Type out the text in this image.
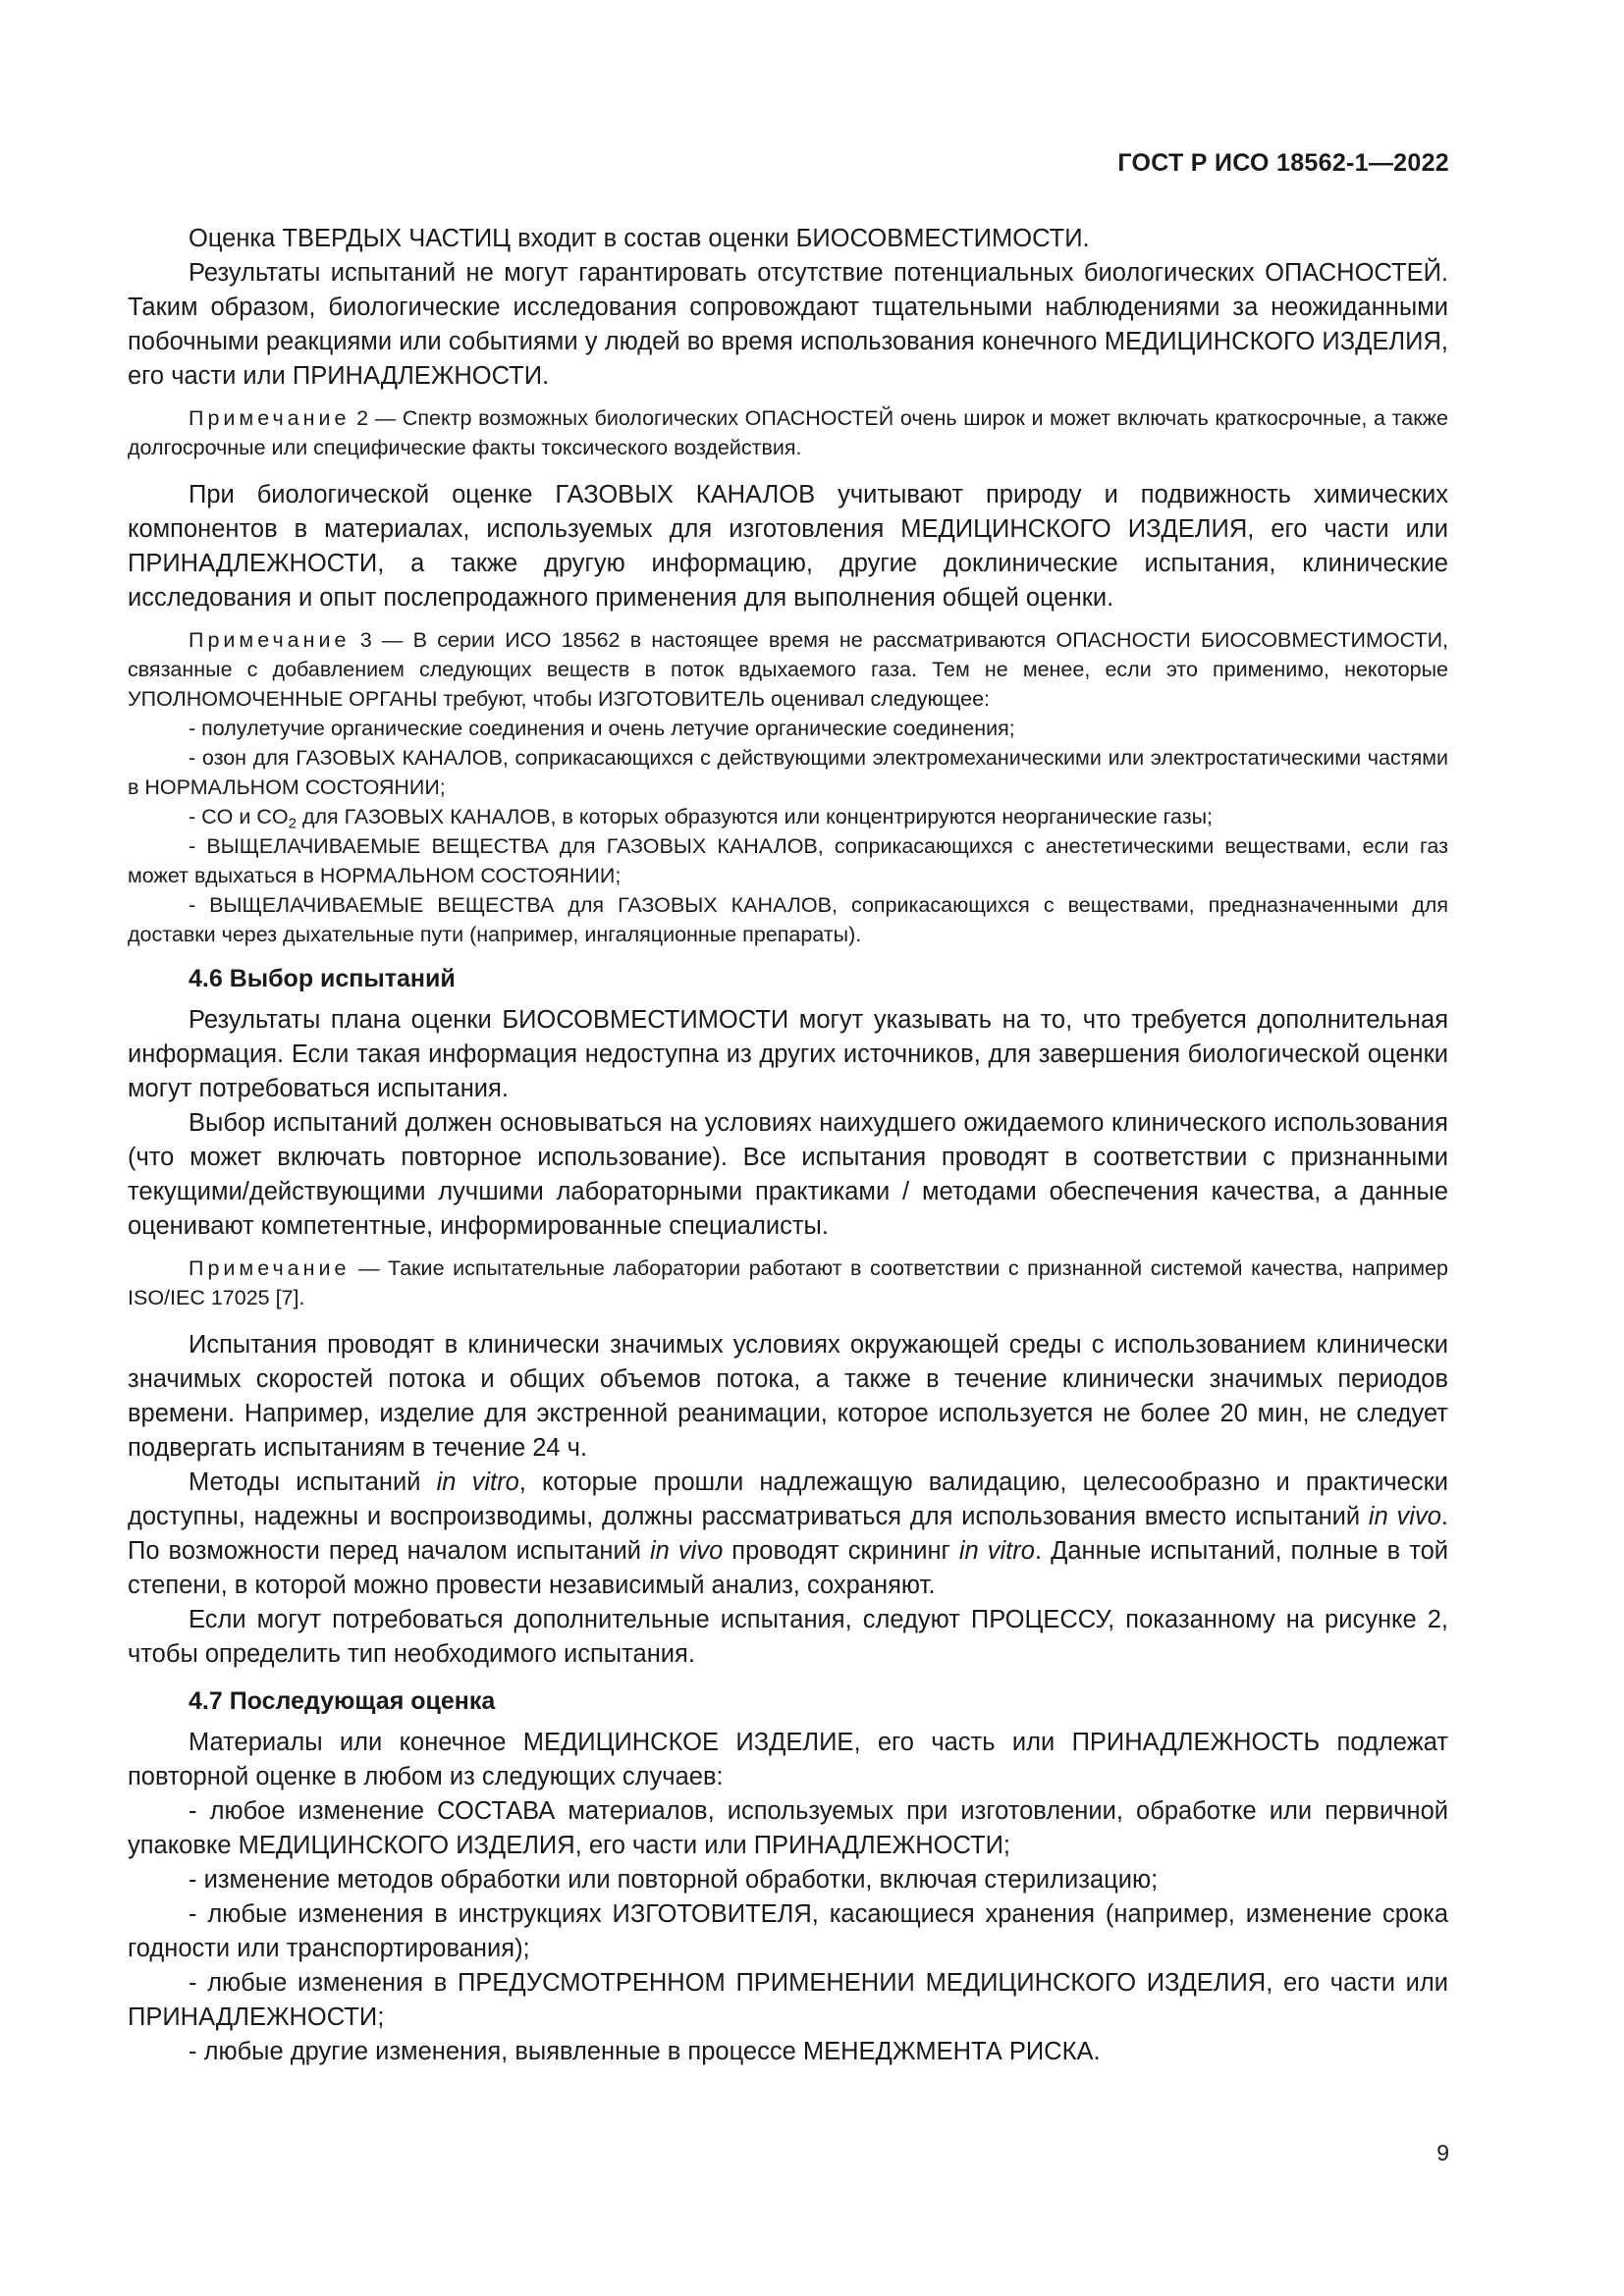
ГОСТ Р ИСО 18562-1—2022

Оценка ТВЕРДЫХ ЧАСТИЦ входит в состав оценки БИОСОВМЕСТИМОСТИ.

Результаты испытаний не могут гарантировать отсутствие потенциальных биологических ОПАСНОСТЕЙ. Таким образом, биологические исследования сопровождают тщательными наблюдениями за неожиданными побочными реакциями или событиями у людей во время использования конечного МЕДИЦИНСКОГО ИЗДЕЛИЯ, его части или ПРИНАДЛЕЖНОСТИ.

Примечание 2 — Спектр возможных биологических ОПАСНОСТЕЙ очень широк и может включать краткосрочные, а также долгосрочные или специфические факты токсического воздействия.

При биологической оценке ГАЗОВЫХ КАНАЛОВ учитывают природу и подвижность химических компонентов в материалах, используемых для изготовления МЕДИЦИНСКОГО ИЗДЕЛИЯ, его части или ПРИНАДЛЕЖНОСТИ, а также другую информацию, другие доклинические испытания, клинические исследования и опыт послепродажного применения для выполнения общей оценки.

Примечание 3 — В серии ИСО 18562 в настоящее время не рассматриваются ОПАСНОСТИ БИОСОВМЕСТИМОСТИ, связанные с добавлением следующих веществ в поток вдыхаемого газа. Тем не менее, если это применимо, некоторые УПОЛНОМОЧЕННЫЕ ОРГАНЫ требуют, чтобы ИЗГОТОВИТЕЛЬ оценивал следующее:

- полулетучие органические соединения и очень летучие органические соединения;

- озон для ГАЗОВЫХ КАНАЛОВ, соприкасающихся с действующими электромеханическими или электростатическими частями в НОРМАЛЬНОМ СОСТОЯНИИ;

- CO и $CO_2$ для ГАЗОВЫХ КАНАЛОВ, в которых образуются или концентрируются неорганические газы;

- ВЫЩЕЛАЧИВАЕМЫЕ ВЕЩЕСТВА для ГАЗОВЫХ КАНАЛОВ, соприкасающихся с анестетическими веществами, если газ может вдыхаться в НОРМАЛЬНОМ СОСТОЯНИИ;

- ВЫЩЕЛАЧИВАЕМЫЕ ВЕЩЕСТВА для ГАЗОВЫХ КАНАЛОВ, соприкасающихся с веществами, предназначенными для доставки через дыхательные пути (например, ингаляционные препараты).

4.6 Выбор испытаний

Результаты плана оценки БИОСОВМЕСТИМОСТИ могут указывать на то, что требуется дополнительная информация. Если такая информация недоступна из других источников, для завершения биологической оценки могут потребоваться испытания.

Выбор испытаний должен основываться на условиях наихудшего ожидаемого клинического использования (что может включать повторное использование). Все испытания проводят в соответствии с признанными текущими/действующими лучшими лабораторными практиками / методами обеспечения качества, а данные оценивают компетентные, информированные специалисты.

Примечание — Такие испытательные лаборатории работают в соответствии с признанной системой качества, например ISO/IEC 17025 [7].

Испытания проводят в клинически значимых условиях окружающей среды с использованием клинически значимых скоростей потока и общих объемов потока, а также в течение клинически значимых периодов времени. Например, изделие для экстренной реанимации, которое используется не более 20 мин, не следует подвергать испытаниям в течение 24 ч.

Методы испытаний in vitro, которые прошли надлежащую валидацию, целесообразно и практически доступны, надежны и воспроизводимы, должны рассматриваться для использования вместо испытаний in vivo. По возможности перед началом испытаний in vivo проводят скрининг in vitro. Данные испытаний, полные в той степени, в которой можно провести независимый анализ, сохраняют.

Если могут потребоваться дополнительные испытания, следуют ПРОЦЕССУ, показанному на рисунке 2, чтобы определить тип необходимого испытания.

4.7 Последующая оценка

Материалы или конечное МЕДИЦИНСКОЕ ИЗДЕЛИЕ, его часть или ПРИНАДЛЕЖНОСТЬ подлежат повторной оценке в любом из следующих случаев:

- любое изменение СОСТАВА материалов, используемых при изготовлении, обработке или первичной упаковке МЕДИЦИНСКОГО ИЗДЕЛИЯ, его части или ПРИНАДЛЕЖНОСТИ;

- изменение методов обработки или повторной обработки, включая стерилизацию;

- любые изменения в инструкциях ИЗГОТОВИТЕЛЯ, касающиеся хранения (например, изменение срока годности или транспортирования);

- любые изменения в ПРЕДУСМОТРЕННОМ ПРИМЕНЕНИИ МЕДИЦИНСКОГО ИЗДЕЛИЯ, его части или ПРИНАДЛЕЖНОСТИ;

- любые другие изменения, выявленные в процессе МЕНЕДЖМЕНТА РИСКА.

9
